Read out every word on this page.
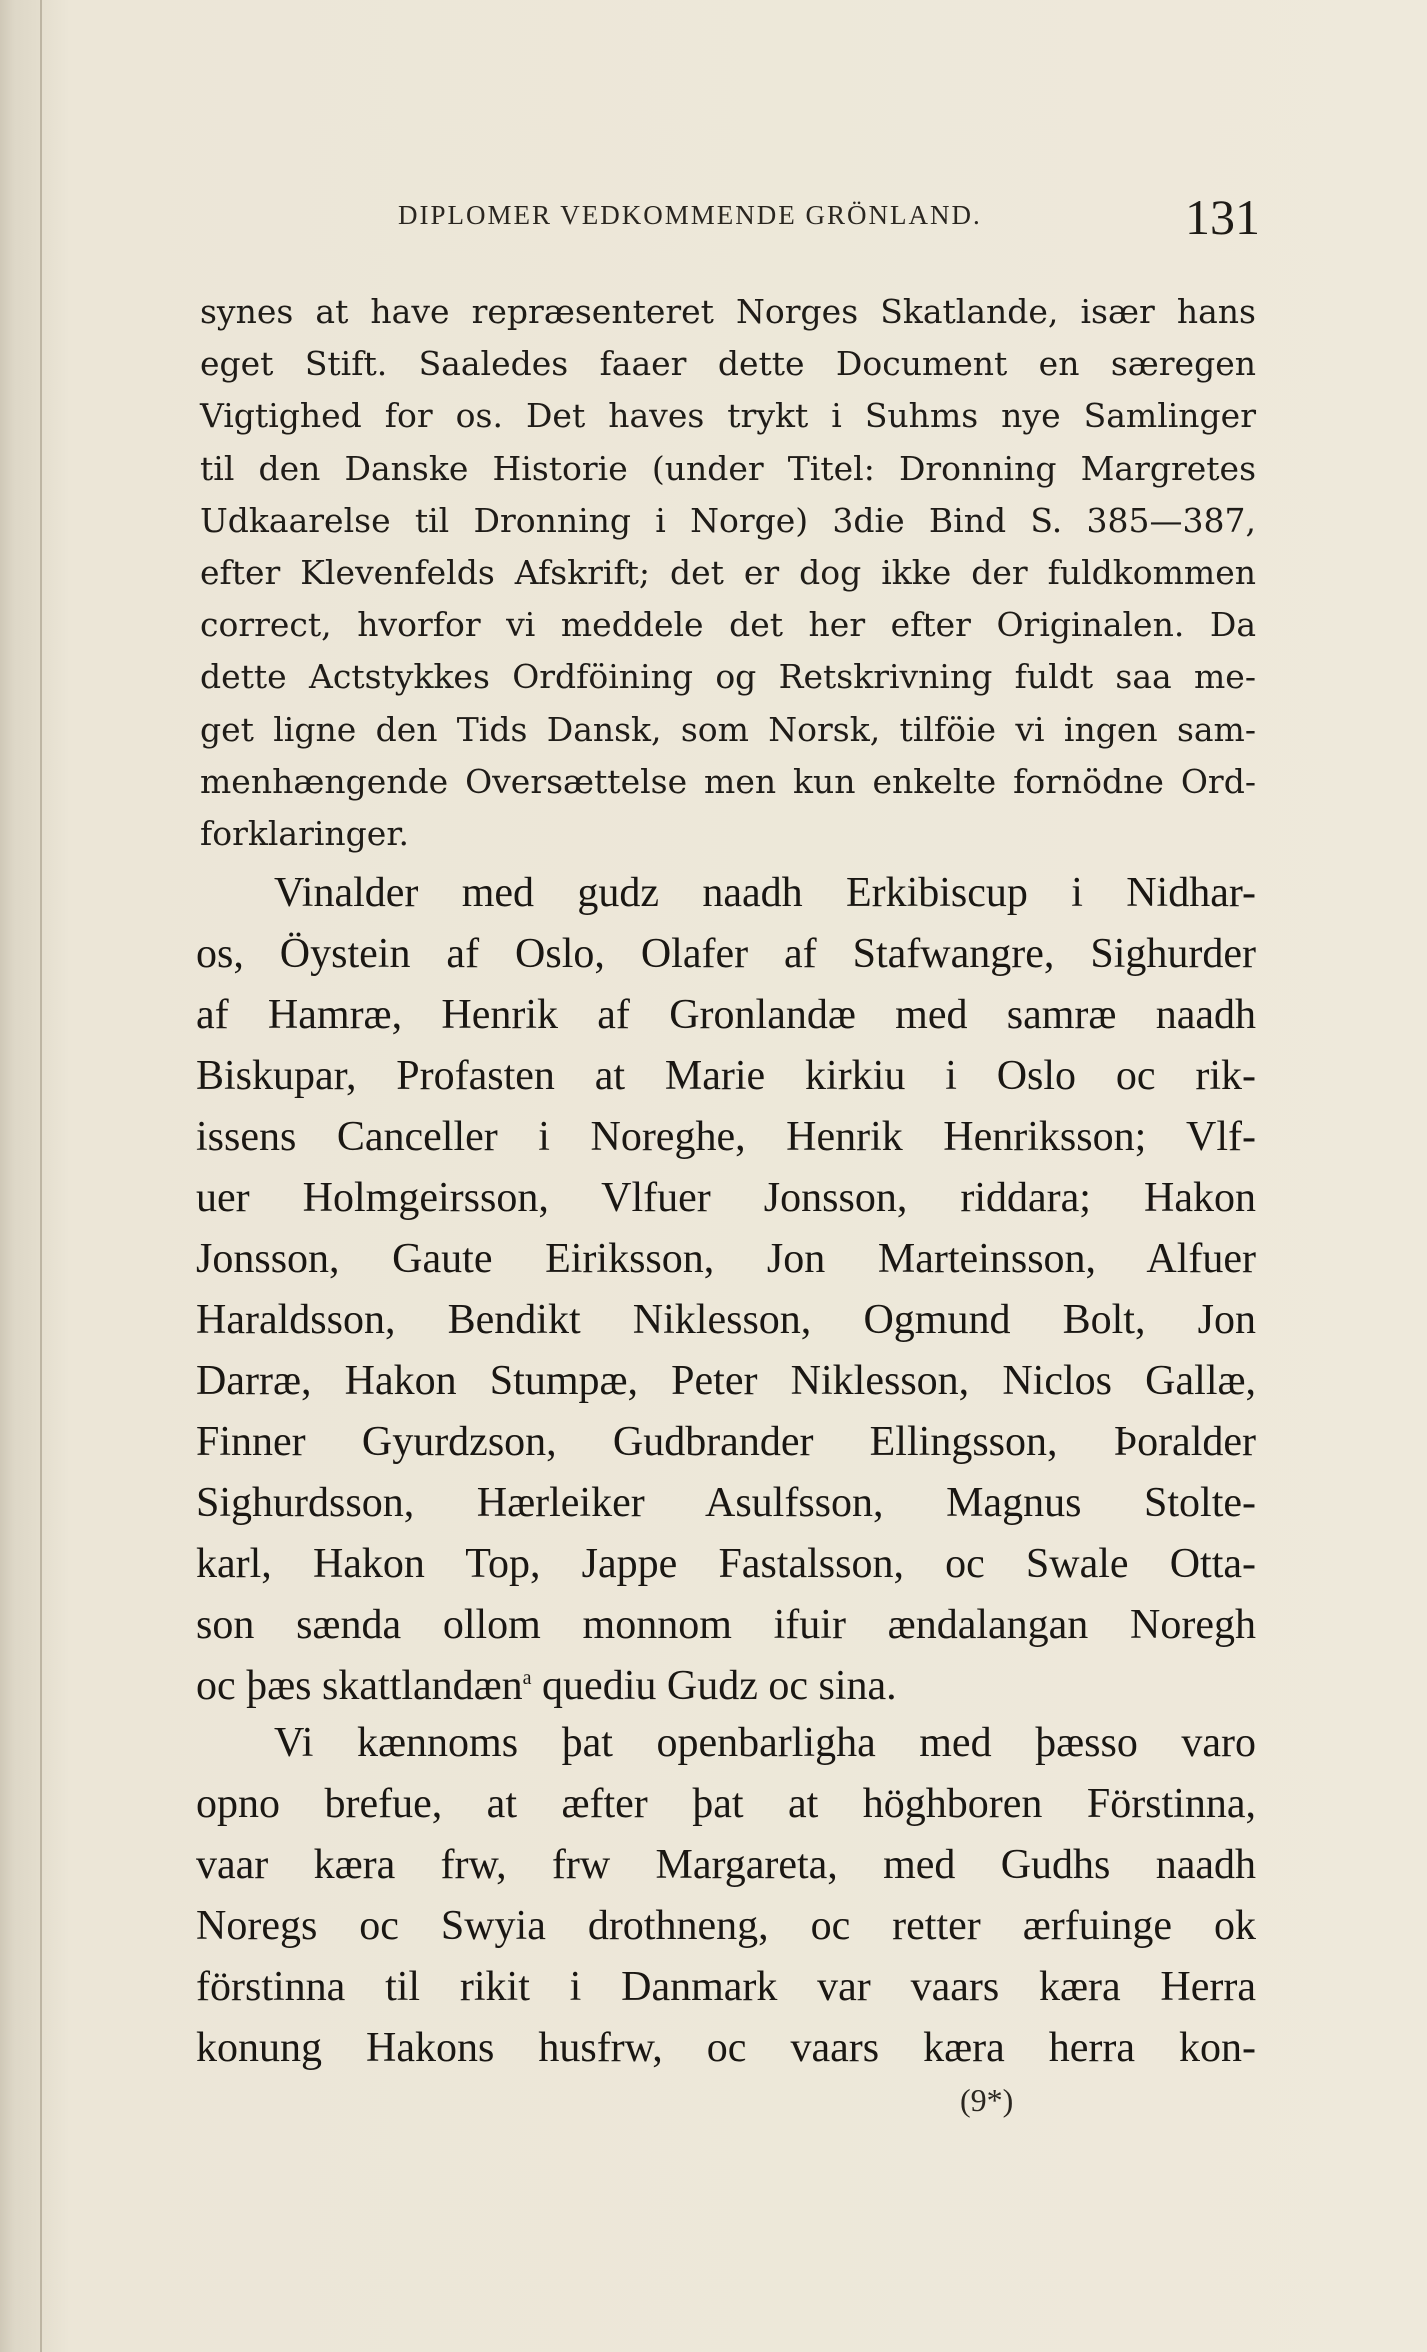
DIPLOMER VEDKOMMENDE GRÖNLAND.	131

synes at have repræsenteret Norges Skatlande, især hans
eget Stift. Saaledes faaer dette Document en særegen
Vigtighed for os. Det haves trykt i Suhms nye Samlinger
til den Danske Historie (under Titel: Dronning Margretes
Udkaarelse til Dronning i Norge) 3die Bind S. 385—387,
efter Klevenfelds Afskrift; det er dog ikke der fuldkommen
correct, hvorfor vi meddele det her efter Originalen. Da
dette Actstykkes Ordföining og Retskrivning fuldt saa me-
get ligne den Tids Dansk, som Norsk, tilföie vi ingen sam-
menhængende Oversættelse men kun enkelte fornödne Ord-
forklaringer.

Vinalder med gudz naadh Erkibiscup i Nidhar-
os, Öystein af Oslo, Olafer af Stafwangre, Sighurder
af Hamræ, Henrik af Gronlandæ med samræ naadh
Biskupar, Profasten at Marie kirkiu i Oslo oc rik-
issens Canceller i Noreghe, Henrik Henriksson; Vlf-
uer Holmgeirsson, Vlfuer Jonsson, riddara; Hakon
Jonsson, Gaute Eiriksson, Jon Marteinsson, Alfuer
Haraldsson, Bendikt Niklesson, Ogmund Bolt, Jon
Darræ, Hakon Stumpæ, Peter Niklesson, Niclos Gallæ,
Finner Gyurdzson, Gudbrander Ellingsson, Þoralder
Sighurdsson, Hærleiker Asulfsson, Magnus Stolte-
karl, Hakon Top, Jappe Fastalsson, oc Swale Otta-
son sænda ollom monnom ifuir ændalangan Noregh
oc þæs skattlandæn$^a$ quediu Gudz oc sina.

Vi kænnoms þat openbarligha med þæsso varo
opno brefue, at æfter þat at höghboren Förstinna,
vaar kæra frw, frw Margareta, med Gudhs naadh
Noregs oc Swyia drothneng, oc retter ærfuinge ok
förstinna til rikit i Danmark var vaars kæra Herra
konung Hakons husfrw, oc vaars kæra herra kon-

(9*)
